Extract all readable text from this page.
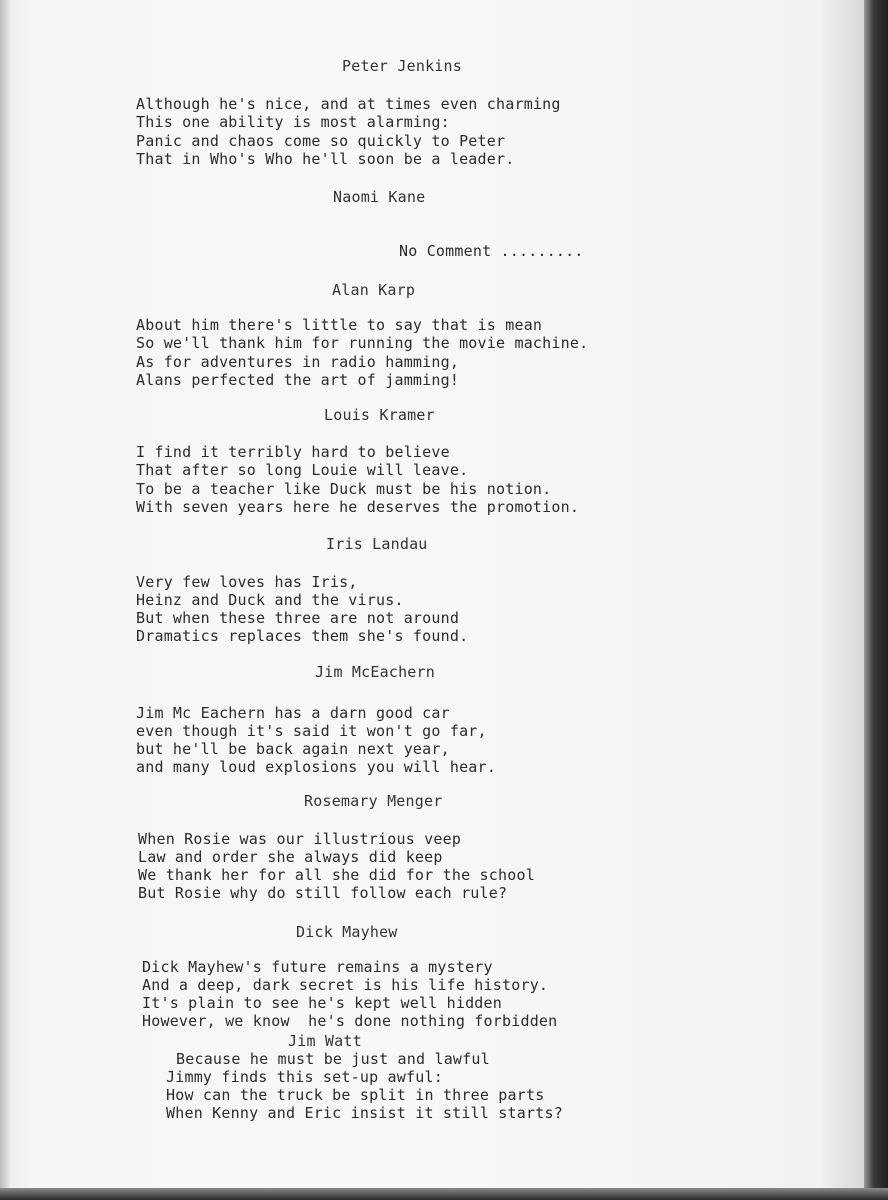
Peter Jenkins

Although he's nice, and at times even charming

This one ability is most alarming:

Panic and chaos come so quickly to Peter

That in Who's Who he'll soon be a leader.

Naomi Kane

No Comment .........

Alan Karp

About him there's little to say that is mean

So we'll thank him for running the movie machine.

As for adventures in radio hamming,

Alans perfected the art of jamming!

Louis Kramer

I find it terribly hard to believe

That after so long Louie will leave.

To be a teacher like Duck must be his notion.

With seven years here he deserves the promotion.

Iris Landau

Very few loves has Iris,

Heinz and Duck and the virus.

But when these three are not around

Dramatics replaces them she's found.

Jim McEachern

Jim Mc Eachern has a darn good car

even though it's said it won't go far,

but he'll be back again next year,

and many loud explosions you will hear.

Rosemary Menger

When Rosie was our illustrious veep

Law and order she always did keep

We thank her for all she did for the school

But Rosie why do still follow each rule?

Dick Mayhew

Dick Mayhew's future remains a mystery

And a deep, dark secret is his life history.

It's plain to see he's kept well hidden

However, we know  he's done nothing forbidden

Jim Watt

Because he must be just and lawful

Jimmy finds this set-up awful:

How can the truck be split in three parts

When Kenny and Eric insist it still starts?
